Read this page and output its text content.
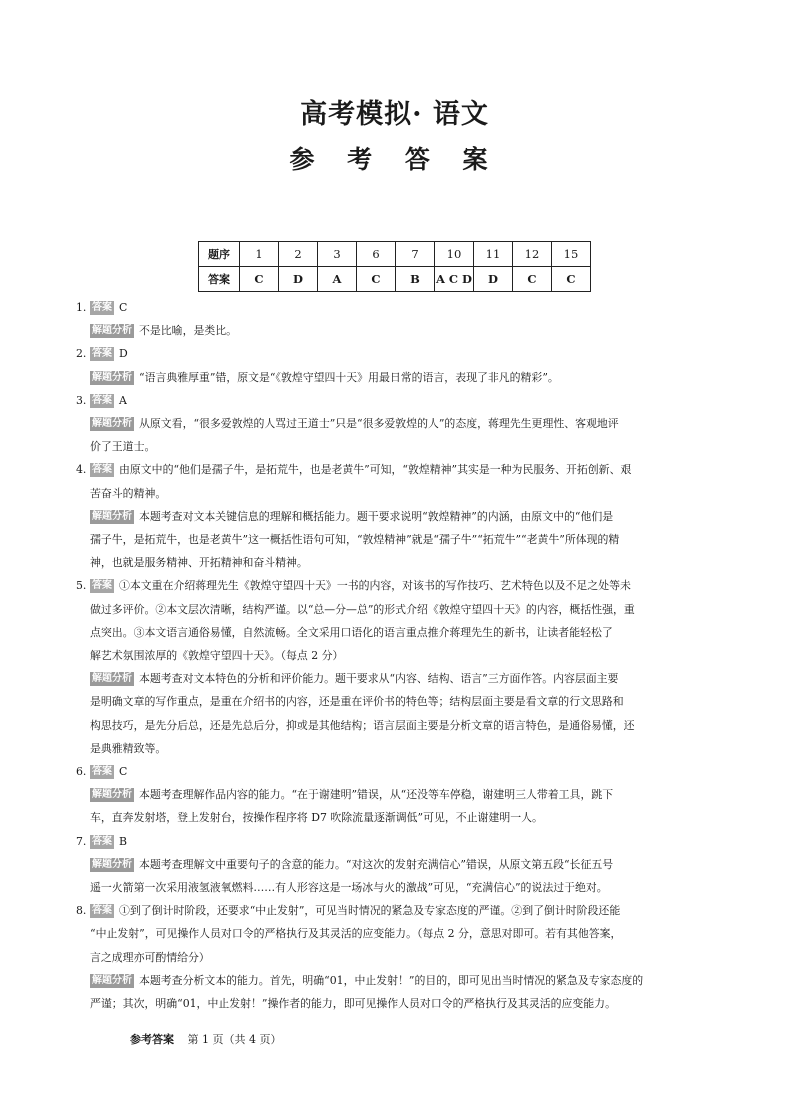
高考模拟· 语文
参 考 答 案
题序	1	2	3	6	7	10	11	12	15
答案	C	D	A	C	B	A C D	D	C	C
1. 答案 C
解题分析 不是比喻，是类比。
2. 答案 D
解题分析 “语言典雅厚重”错，原文是“《敦煌守望四十天》用最日常的语言，表现了非凡的精彩”。
3. 答案 A
解题分析 从原文看，“很多爱敦煌的人骂过王道士”只是“很多爱敦煌的人”的态度，蒋理先生更理性、客观地评
价了王道士。
4. 答案 由原文中的“他们是孺子牛，是拓荒牛，也是老黄牛”可知，“敦煌精神”其实是一种为民服务、开拓创新、艰
苦奋斗的精神。
解题分析 本题考查对文本关键信息的理解和概括能力。题干要求说明“敦煌精神”的内涵，由原文中的“他们是
孺子牛，是拓荒牛，也是老黄牛”这一概括性语句可知，“敦煌精神”就是“孺子牛”“拓荒牛”“老黄牛”所体现的精
神，也就是服务精神、开拓精神和奋斗精神。
5. 答案 ①本文重在介绍蒋理先生《敦煌守望四十天》一书的内容，对该书的写作技巧、艺术特色以及不足之处等未
做过多评价。②本文层次清晰，结构严谨。以“总—分—总”的形式介绍《敦煌守望四十天》的内容，概括性强，重
点突出。③本文语言通俗易懂，自然流畅。全文采用口语化的语言重点推介蒋理先生的新书，让读者能轻松了
解艺术氛围浓厚的《敦煌守望四十天》。（每点 2 分）
解题分析 本题考查对文本特色的分析和评价能力。题干要求从“内容、结构、语言”三方面作答。内容层面主要
是明确文章的写作重点，是重在介绍书的内容，还是重在评价书的特色等；结构层面主要是看文章的行文思路和
构思技巧，是先分后总，还是先总后分，抑或是其他结构；语言层面主要是分析文章的语言特色，是通俗易懂，还
是典雅精致等。
6. 答案 C
解题分析 本题考查理解作品内容的能力。“在于谢建明”错误，从“还没等车停稳，谢建明三人带着工具，跳下
车，直奔发射塔，登上发射台，按操作程序将 D7 吹除流量逐渐调低”可见，不止谢建明一人。
7. 答案 B
解题分析 本题考查理解文中重要句子的含意的能力。“对这次的发射充满信心”错误，从原文第五段“长征五号
遥一火箭第一次采用液氢液氧燃料……有人形容这是一场冰与火的激战”可见，“充满信心”的说法过于绝对。
8. 答案 ①到了倒计时阶段，还要求“中止发射”，可见当时情况的紧急及专家态度的严谨。②到了倒计时阶段还能
“中止发射”，可见操作人员对口令的严格执行及其灵活的应变能力。（每点 2 分，意思对即可。若有其他答案，
言之成理亦可酌情给分）
解题分析 本题考查分析文本的能力。首先，明确“01，中止发射！”的目的，即可见出当时情况的紧急及专家态度的
严谨；其次，明确“01，中止发射！”操作者的能力，即可见操作人员对口令的严格执行及其灵活的应变能力。
参考答案 第 1 页（共 4 页）
